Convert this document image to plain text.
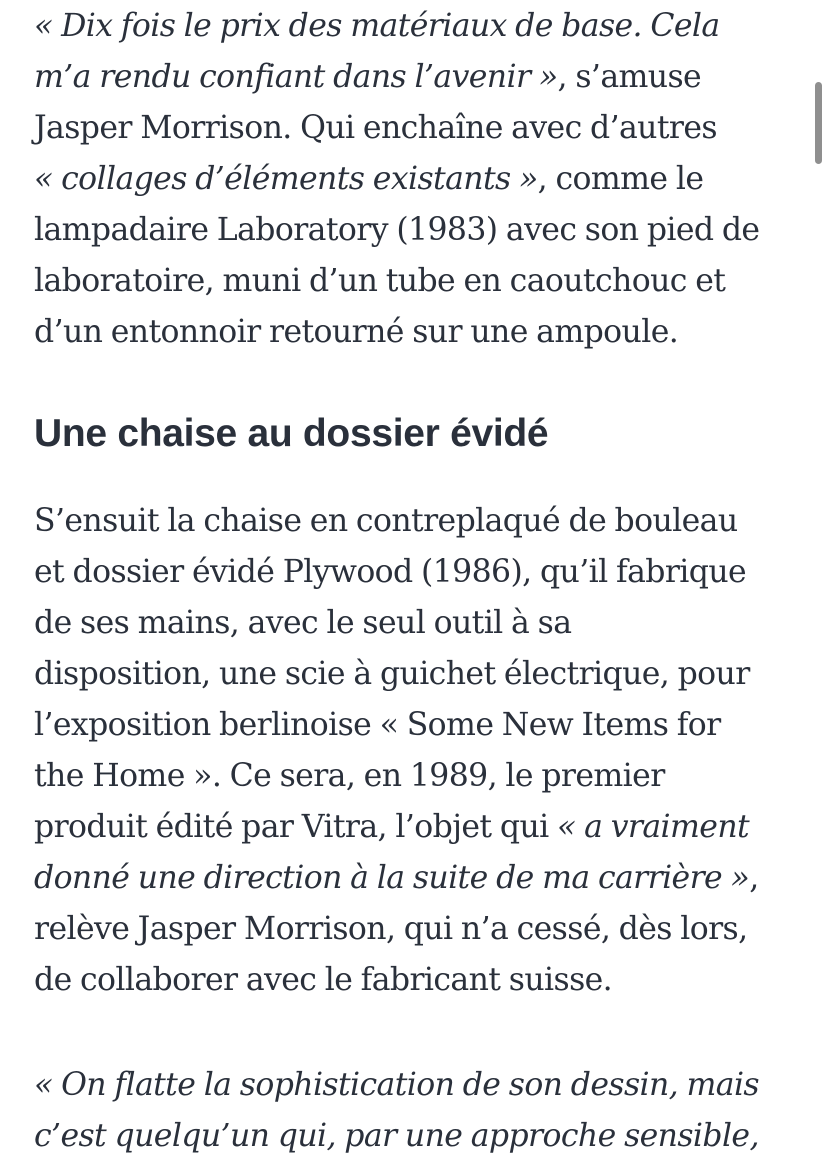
« Dix fois le prix des matériaux de base. Cela
m’a rendu confiant dans l’avenir », s’amuse
Jasper Morrison. Qui enchaîne avec d’autres
« collages d’éléments existants », comme le
lampadaire Laboratory (1983) avec son pied de
laboratoire, muni d’un tube en caoutchouc et
d’un entonnoir retourné sur une ampoule.

Une chaise au dossier évidé

S’ensuit la chaise en contreplaqué de bouleau
et dossier évidé Plywood (1986), qu’il fabrique
de ses mains, avec le seul outil à sa
disposition, une scie à guichet électrique, pour
l’exposition berlinoise « Some New Items for
the Home ». Ce sera, en 1989, le premier
produit édité par Vitra, l’objet qui « a vraiment
donné une direction à la suite de ma carrière »,
relève Jasper Morrison, qui n’a cessé, dès lors,
de collaborer avec le fabricant suisse.

« On flatte la sophistication de son dessin, mais
c’est quelqu’un qui, par une approche sensible,
